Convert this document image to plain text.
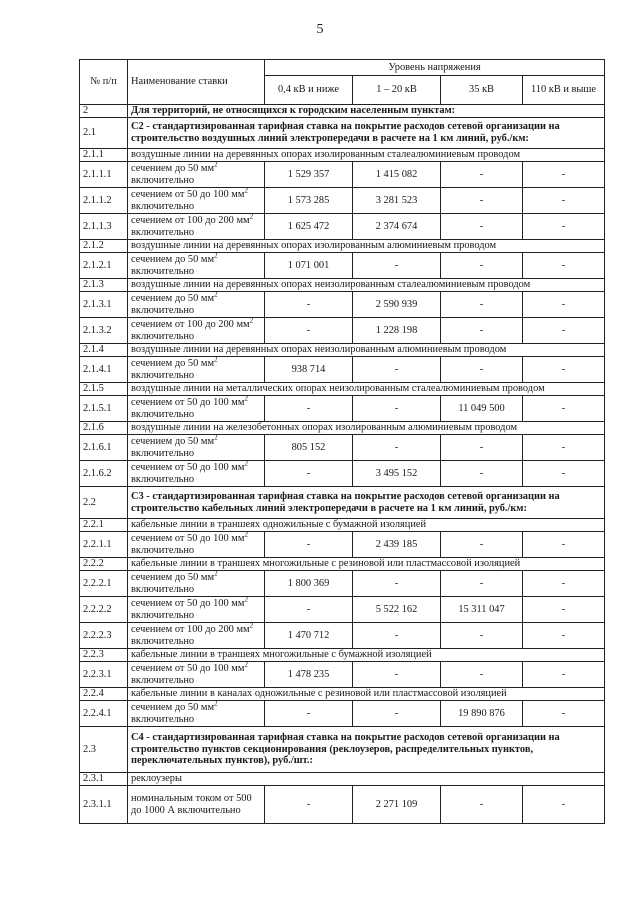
5
№ п/п	Наименование ставки	Уровень напряжения			
		0,4 кВ и ниже	1 – 20 кВ	35 кВ	110 кВ и выше
2	Для территорий, не относящихся к городским населенным пунктам:				
2.1	С2 - стандартизированная тарифная ставка на покрытие расходов сетевой организации на строительство воздушных линий электропередачи в расчете на 1 км линий, руб./км:				
2.1.1	воздушные линии на деревянных опорах изолированным сталеалюминиевым проводом				
2.1.1.1	сечением до 50 $мм^2$ включительно	1 529 357	1 415 082	-	-
2.1.1.2	сечением от 50 до 100 $мм^2$ включительно	1 573 285	3 281 523	-	-
2.1.1.3	сечением от 100 до 200 $мм^2$ включительно	1 625 472	2 374 674	-	-
2.1.2	воздушные линии на деревянных опорах изолированным алюминиевым проводом				
2.1.2.1	сечением до 50 $мм^2$ включительно	1 071 001	-	-	-
2.1.3	воздушные линии на деревянных опорах неизолированным сталеалюминиевым проводом				
2.1.3.1	сечением до 50 $мм^2$ включительно	-	2 590 939	-	-
2.1.3.2	сечением от 100 до 200 $мм^2$ включительно	-	1 228 198	-	-
2.1.4	воздушные линии на деревянных опорах неизолированным алюминиевым проводом				
2.1.4.1	сечением до 50 $мм^2$ включительно	938 714	-	-	-
2.1.5	воздушные линии на металлических опорах неизолированным сталеалюминиевым проводом				
2.1.5.1	сечением от 50 до 100 $мм^2$ включительно	-	-	11 049 500	-
2.1.6	воздушные линии на железобетонных опорах изолированным алюминиевым проводом				
2.1.6.1	сечением до 50 $мм^2$ включительно	805 152	-	-	-
2.1.6.2	сечением от 50 до 100 $мм^2$ включительно	-	3 495 152	-	-
2.2	С3 - стандартизированная тарифная ставка на покрытие расходов сетевой организации на строительство кабельных линий электропередачи в расчете на 1 км линий, руб./км:				
2.2.1	кабельные линии в траншеях одножильные с бумажной изоляцией				
2.2.1.1	сечением от 50 до 100 $мм^2$ включительно	-	2 439 185	-	-
2.2.2	кабельные линии в траншеях многожильные с резиновой или пластмассовой изоляцией				
2.2.2.1	сечением до 50 $мм^2$ включительно	1 800 369	-	-	-
2.2.2.2	сечением от 50 до 100 $мм^2$ включительно	-	5 522 162	15 311 047	-
2.2.2.3	сечением от 100 до 200 $мм^2$ включительно	1 470 712	-	-	-
2.2.3	кабельные линии в траншеях многожильные с бумажной изоляцией				
2.2.3.1	сечением от 50 до 100 $мм^2$ включительно	1 478 235	-	-	-
2.2.4	кабельные линии в каналах одножильные с резиновой или пластмассовой изоляцией				
2.2.4.1	сечением до 50 $мм^2$ включительно	-	-	19 890 876	-
2.3	С4 - стандартизированная тарифная ставка на покрытие расходов сетевой организации на строительство пунктов секционирования (реклоузеров, распределительных пунктов, переключательных пунктов), руб./шт.:				
2.3.1	реклоузеры				
2.3.1.1	номинальным током от 500 до 1000 А включительно	-	2 271 109	-	-
